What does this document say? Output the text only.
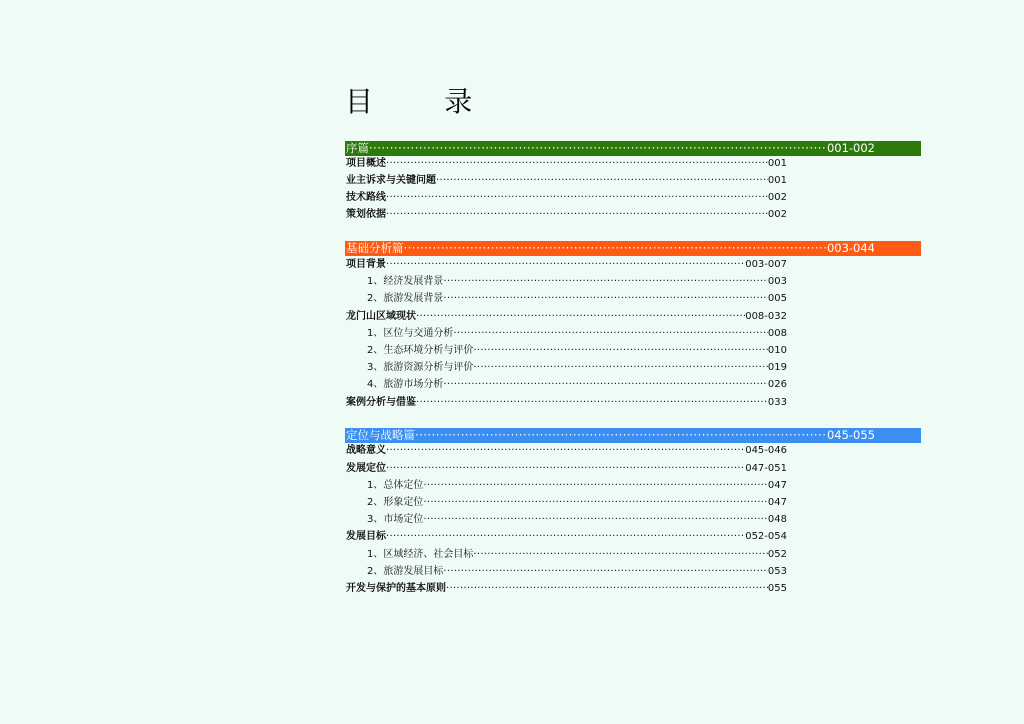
目        录
序篇 ·····	001-002
项目概述 ·····	001
业主诉求与关键问题 ·····	001
技术路线 ·····	002
策划依据 ·····	002
基础分析篇 ·····	003-044
项目背景 ·····	003-007
1、经济发展背景 ·····	003
2、旅游发展背景 ·····	005
龙门山区域现状 ·····	008-032
1、区位与交通分析 ·····	008
2、生态环境分析与评价 ·····	010
3、旅游资源分析与评价 ·····	019
4、旅游市场分析 ·····	026
案例分析与借鉴 ·····	033
定位与战略篇 ·····	045-055
战略意义 ·····	045-046
发展定位 ·····	047-051
1、总体定位 ·····	047
2、形象定位 ·····	047
3、市场定位 ·····	048
发展目标 ·····	052-054
1、区域经济、社会目标 ·····	052
2、旅游发展目标 ·····	053
开发与保护的基本原则 ·····	055
